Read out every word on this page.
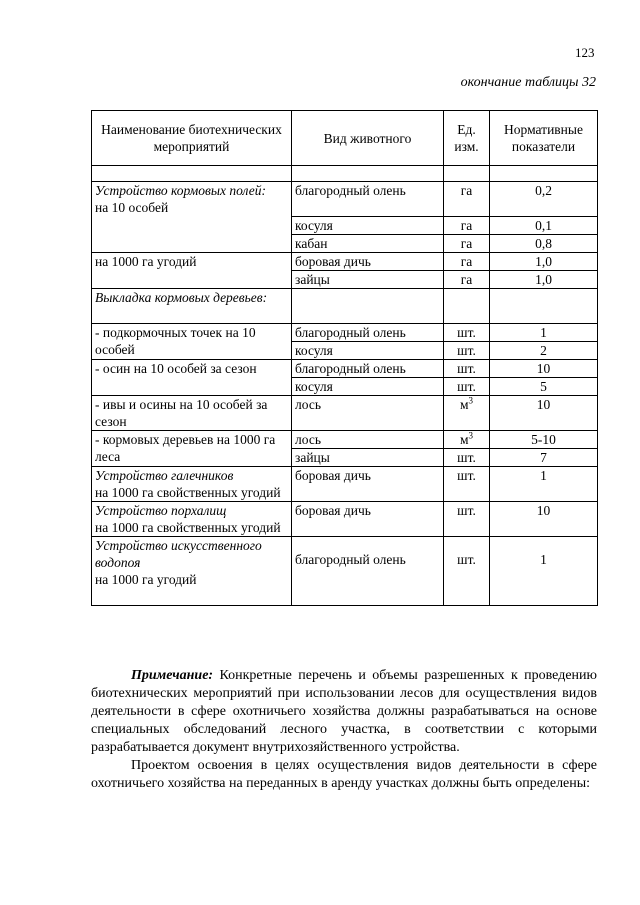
123
окончание таблицы 32
Наименование биотехнических мероприятий	Вид животного	Ед. изм.	Нормативные показатели

Устройство кормовых полей:
на 10 особей	благородный олень	га	0,2
	косуля	га	0,1
	кабан	га	0,8
на 1000 га угодий	боровая дичь	га	1,0
	зайцы	га	1,0

Выкладка кормовых деревьев:			

- подкормочных точек на 10 особей	благородный олень	шт.	1
	косуля	шт.	2
- осин на 10 особей за сезон	благородный олень	шт.	10
	косуля	шт.	5
- ивы и осины на 10 особей за сезон	лось	$м^3$	10
- кормовых деревьев на 1000 га леса	лось	$м^3$	5-10
	зайцы	шт.	7

Устройство галечников
на 1000 га свойственных угодий	боровая дичь	шт.	1

Устройство порхалищ
на 1000 га свойственных угодий	боровая дичь	шт.	10

Устройство искусственного водопоя
на 1000 га угодий	благородный олень	шт.	1

Примечание: Конкретные перечень и объемы разрешенных к проведению биотехнических мероприятий при использовании лесов для осуществления видов деятельности в сфере охотничьего хозяйства должны разрабатываться на основе специальных обследований лесного участка, в соответствии с которыми разрабатывается документ внутрихозяйственного устройства.

Проектом освоения в целях осуществления видов деятельности в сфере охотничьего хозяйства на переданных в аренду участках должны быть определены:
